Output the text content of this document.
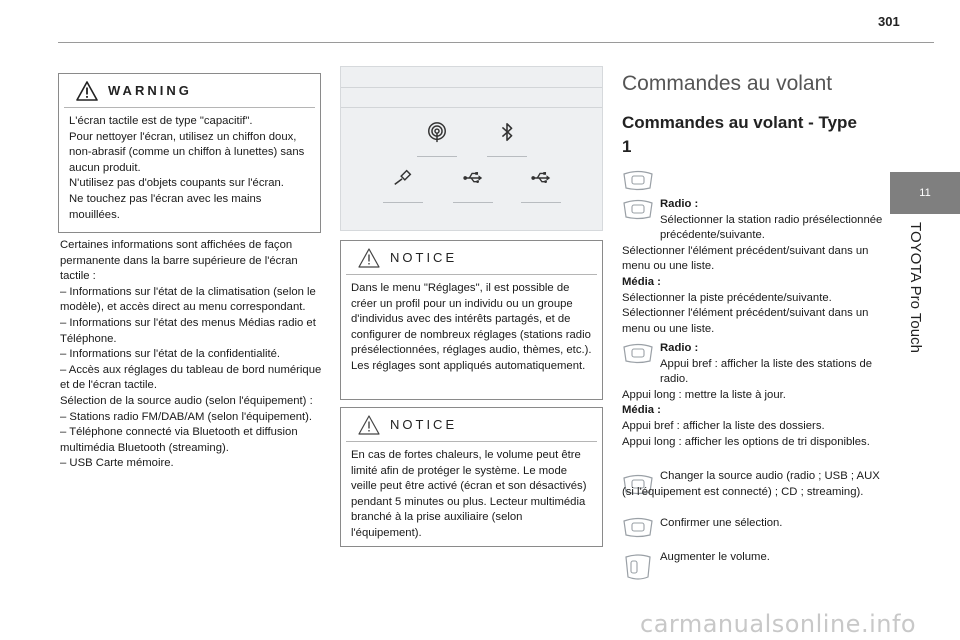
301
11
TOYOTA Pro Touch
WARNING

L'écran tactile est de type "capacitif".

Pour nettoyer l'écran, utilisez un chiffon doux, non-abrasif (comme un chiffon à lunettes) sans aucun produit.

N'utilisez pas d'objets coupants sur l'écran.

Ne touchez pas l'écran avec les mains mouillées.

Certaines informations sont affichées de façon permanente dans la barre supérieure de l'écran tactile :

– Informations sur l'état de la climatisation (selon le modèle), et accès direct au menu correspondant.

– Informations sur l'état des menus Médias radio et Téléphone.

– Informations sur l'état de la confidentialité.

– Accès aux réglages du tableau de bord numérique et de l'écran tactile.

Sélection de la source audio (selon l'équipement) :

– Stations radio FM/DAB/AM (selon l'équipement).

– Téléphone connecté via Bluetooth et diffusion multimédia Bluetooth (streaming).

– USB Carte mémoire.

NOTICE

Dans le menu "Réglages", il est possible de créer un profil pour un individu ou un groupe d'individus avec des intérêts partagés, et de configurer de nombreux réglages (stations radio présélectionnées, réglages audio, thèmes, etc.). Les réglages sont appliqués automatiquement.

NOTICE

En cas de fortes chaleurs, le volume peut être limité afin de protéger le système. Le mode veille peut être activé (écran et son désactivés) pendant 5 minutes ou plus. Lecteur multimédia branché à la prise auxiliaire (selon l'équipement).

Commandes au volant
Commandes au volant - Type 1

Radio :

Sélectionner la station radio présélectionnée précédente/suivante.

Sélectionner l'élément précédent/suivant dans un menu ou une liste.

Média :

Sélectionner la piste précédente/suivante.

Sélectionner l'élément précédent/suivant dans un menu ou une liste.

Radio :

Appui bref : afficher la liste des stations de radio.

Appui long : mettre la liste à jour.

Média :

Appui bref : afficher la liste des dossiers.

Appui long : afficher les options de tri disponibles.

Changer la source audio (radio ; USB ; AUX (si l'équipement est connecté) ; CD ; streaming).

Confirmer une sélection.

Augmenter le volume.

carmanualsonline.info
